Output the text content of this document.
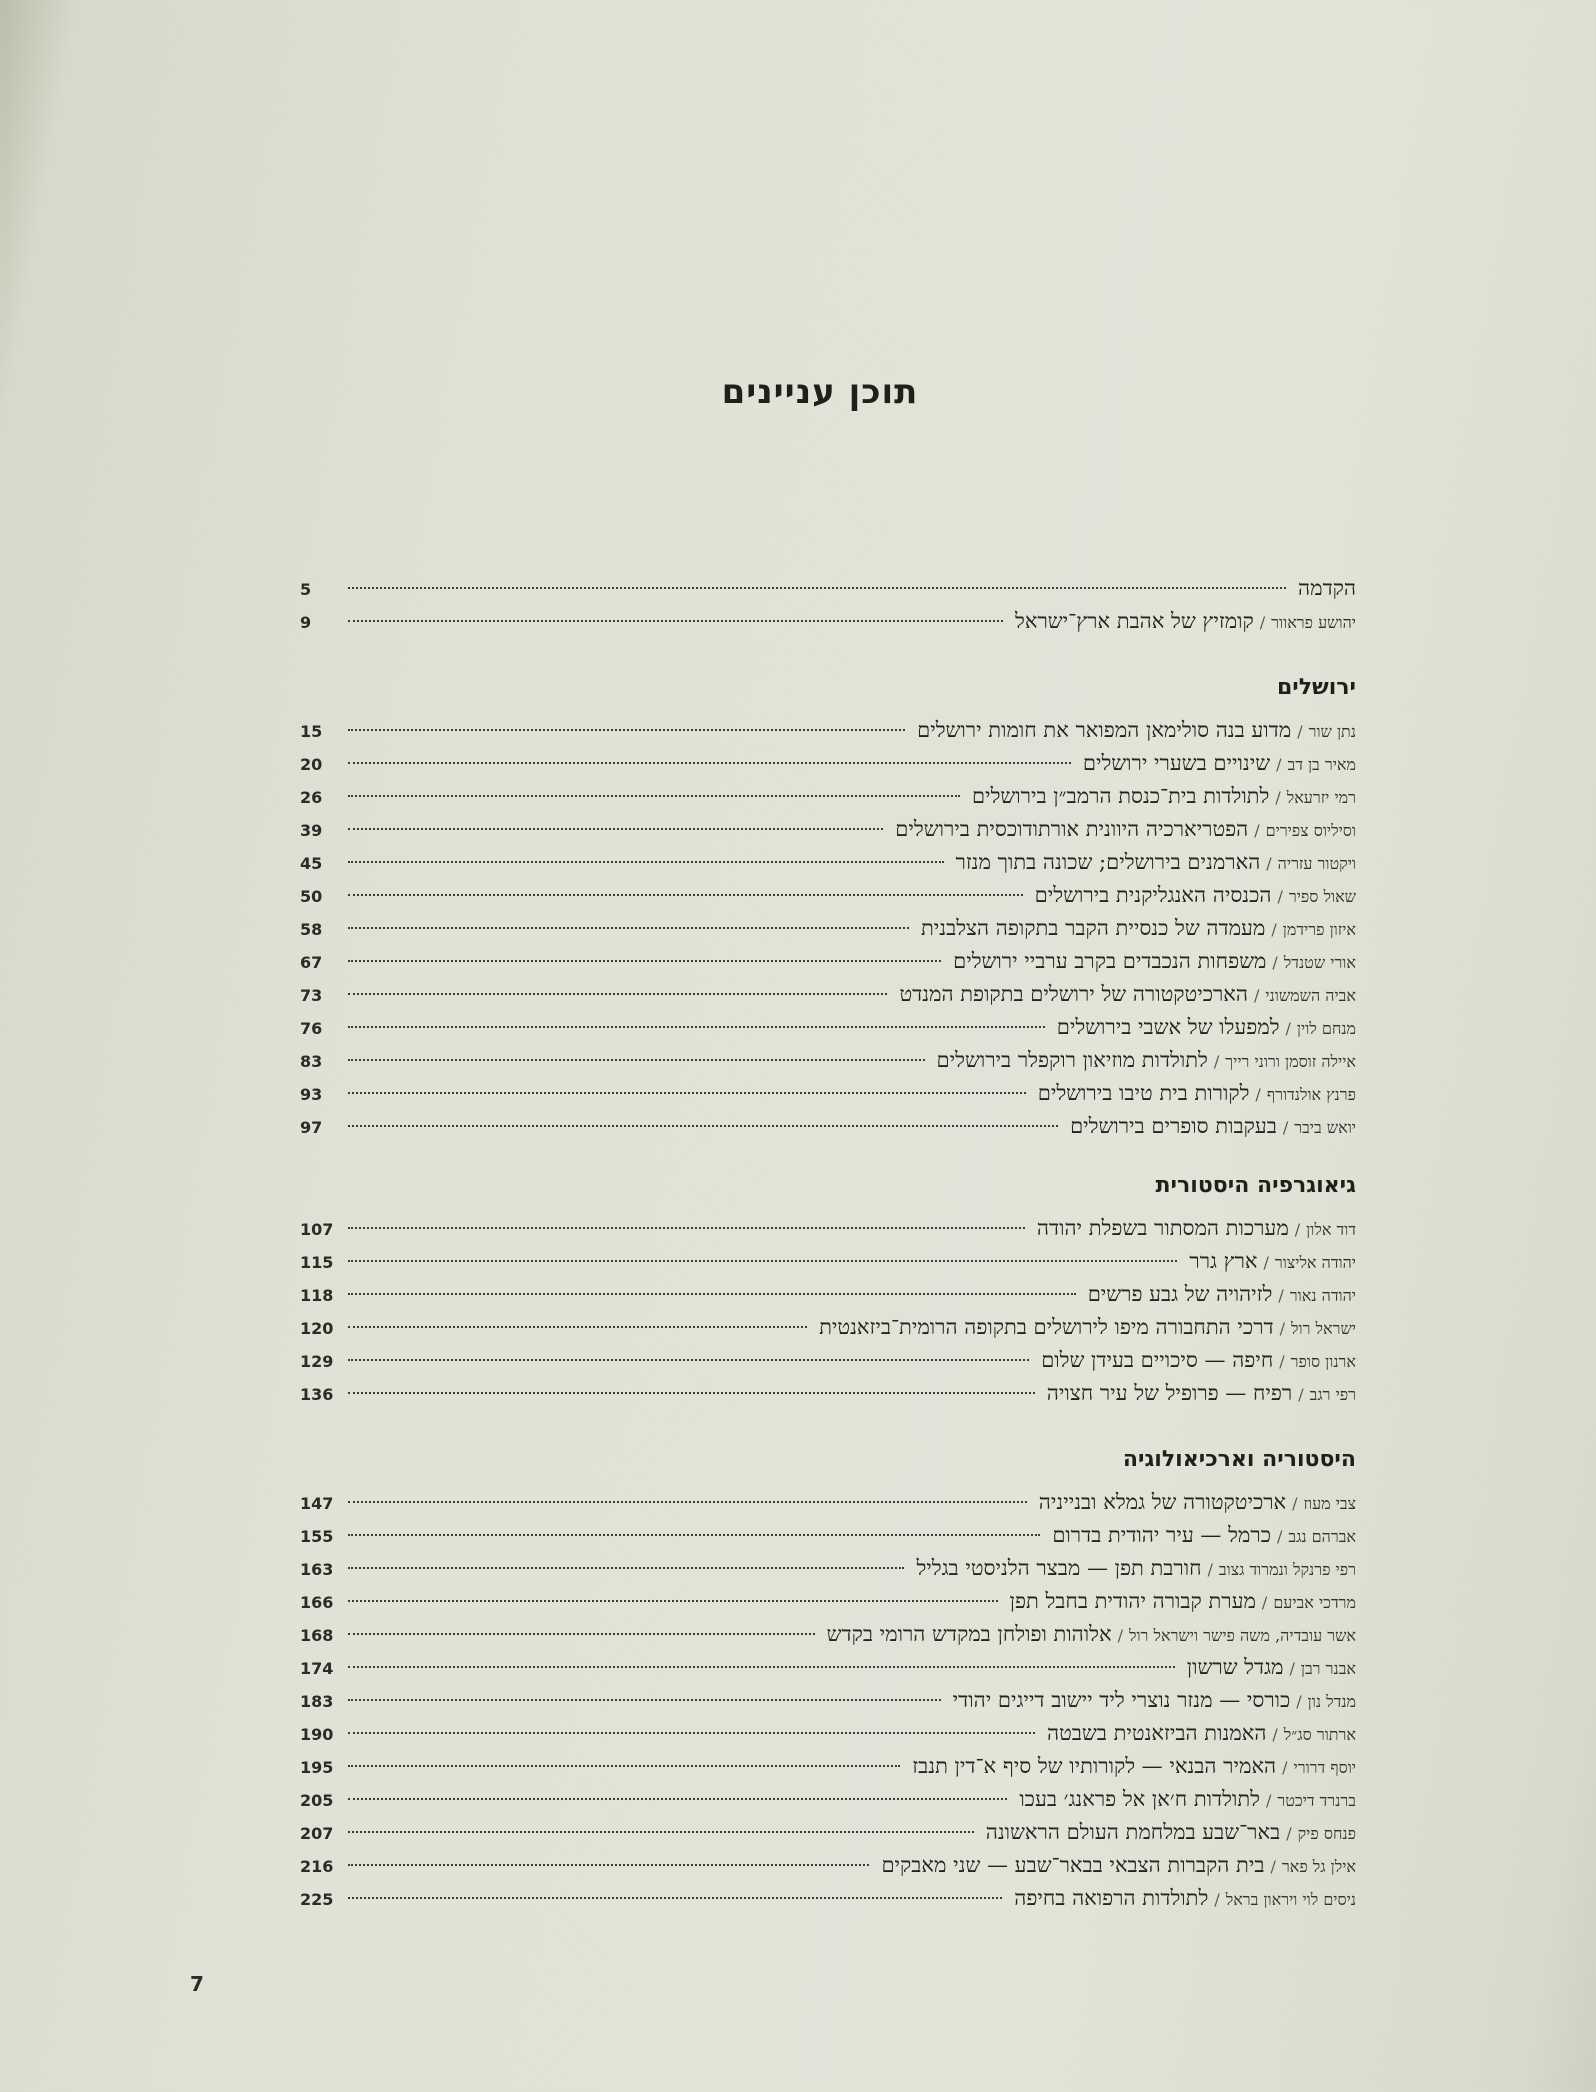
תוכן עניינים
הקדמה
5
יהושע פראוור
/
קומזיץ של אהבת ארץ־ישראל
9
ירושלים
נתן שור
/
מדוע בנה סולימאן המפואר את חומות ירושלים
15
מאיר בן דב
/
שינויים בשערי ירושלים
20
רמי יזרעאל
/
לתולדות בית־כנסת הרמב״ן בירושלים
26
וסיליוס צפירים
/
הפטריארכיה היוונית אורתודוכסית בירושלים
39
ויקטור עזריה
/
הארמנים בירושלים; שכונה בתוך מנזר
45
שאול ספיר
/
הכנסיה האנגליקנית בירושלים
50
איזון פרידמן
/
מעמדה של כנסיית הקבר בתקופה הצלבנית
58
אורי שטנדל
/
משפחות הנכבדים בקרב ערביי ירושלים
67
אביה השמשוני
/
הארכיטקטורה של ירושלים בתקופת המנדט
73
מנחם לוין
/
למפעלו של אשבי בירושלים
76
איילה זוסמן ורוני רייך
/
לתולדות מוזיאון רוקפלר בירושלים
83
פרנץ אולנדורף
/
לקורות בית טיבו בירושלים
93
יואש ביבר
/
בעקבות סופרים בירושלים
97
גיאוגרפיה היסטורית
דוד אלון
/
מערכות המסתור בשפלת יהודה
107
יהודה אליצור
/
ארץ גרר
115
יהודה נאור
/
לזיהויה של גבע פרשים
118
ישראל רול
/
דרכי התחבורה מיפו לירושלים בתקופה הרומית־ביזאנטית
120
ארנון סופר
/
חיפה — סיכויים בעידן שלום
129
רפי רגב
/
רפיח — פרופיל של עיר חצויה
136
היסטוריה וארכיאולוגיה
צבי מעוז
/
ארכיטקטורה של גמלא ובנייניה
147
אברהם נגב
/
כרמל — עיר יהודית בדרום
155
רפי פרנקל ונמרוד גצוב
/
חורבת תפן — מבצר הלניסטי בגליל
163
מרדכי אביעם
/
מערת קבורה יהודית בחבל תפן
166
אשר עובדיה, משה פישר וישראל רול
/
אלוהות ופולחן במקדש הרומי בקדש
168
אבנר רבן
/
מגדל שרשון
174
מנדל נון
/
כורסי — מנזר נוצרי ליד יישוב דייגים יהודי
183
ארתור סג״ל
/
האמנות הביזאנטית בשבטה
190
יוסף דרורי
/
האמיר הבנאי — לקורותיו של סיף א־דין תנבז
195
ברנרד דיכטר
/
לתולדות ח׳אן אל פראנג׳ בעכו
205
פנחס פיק
/
באר־שבע במלחמת העולם הראשונה
207
אילן גל פאר
/
בית הקברות הצבאי בבאר־שבע — שני מאבקים
216
ניסים לוי ויראון בראל
/
לתולדות הרפואה בחיפה
225
7
